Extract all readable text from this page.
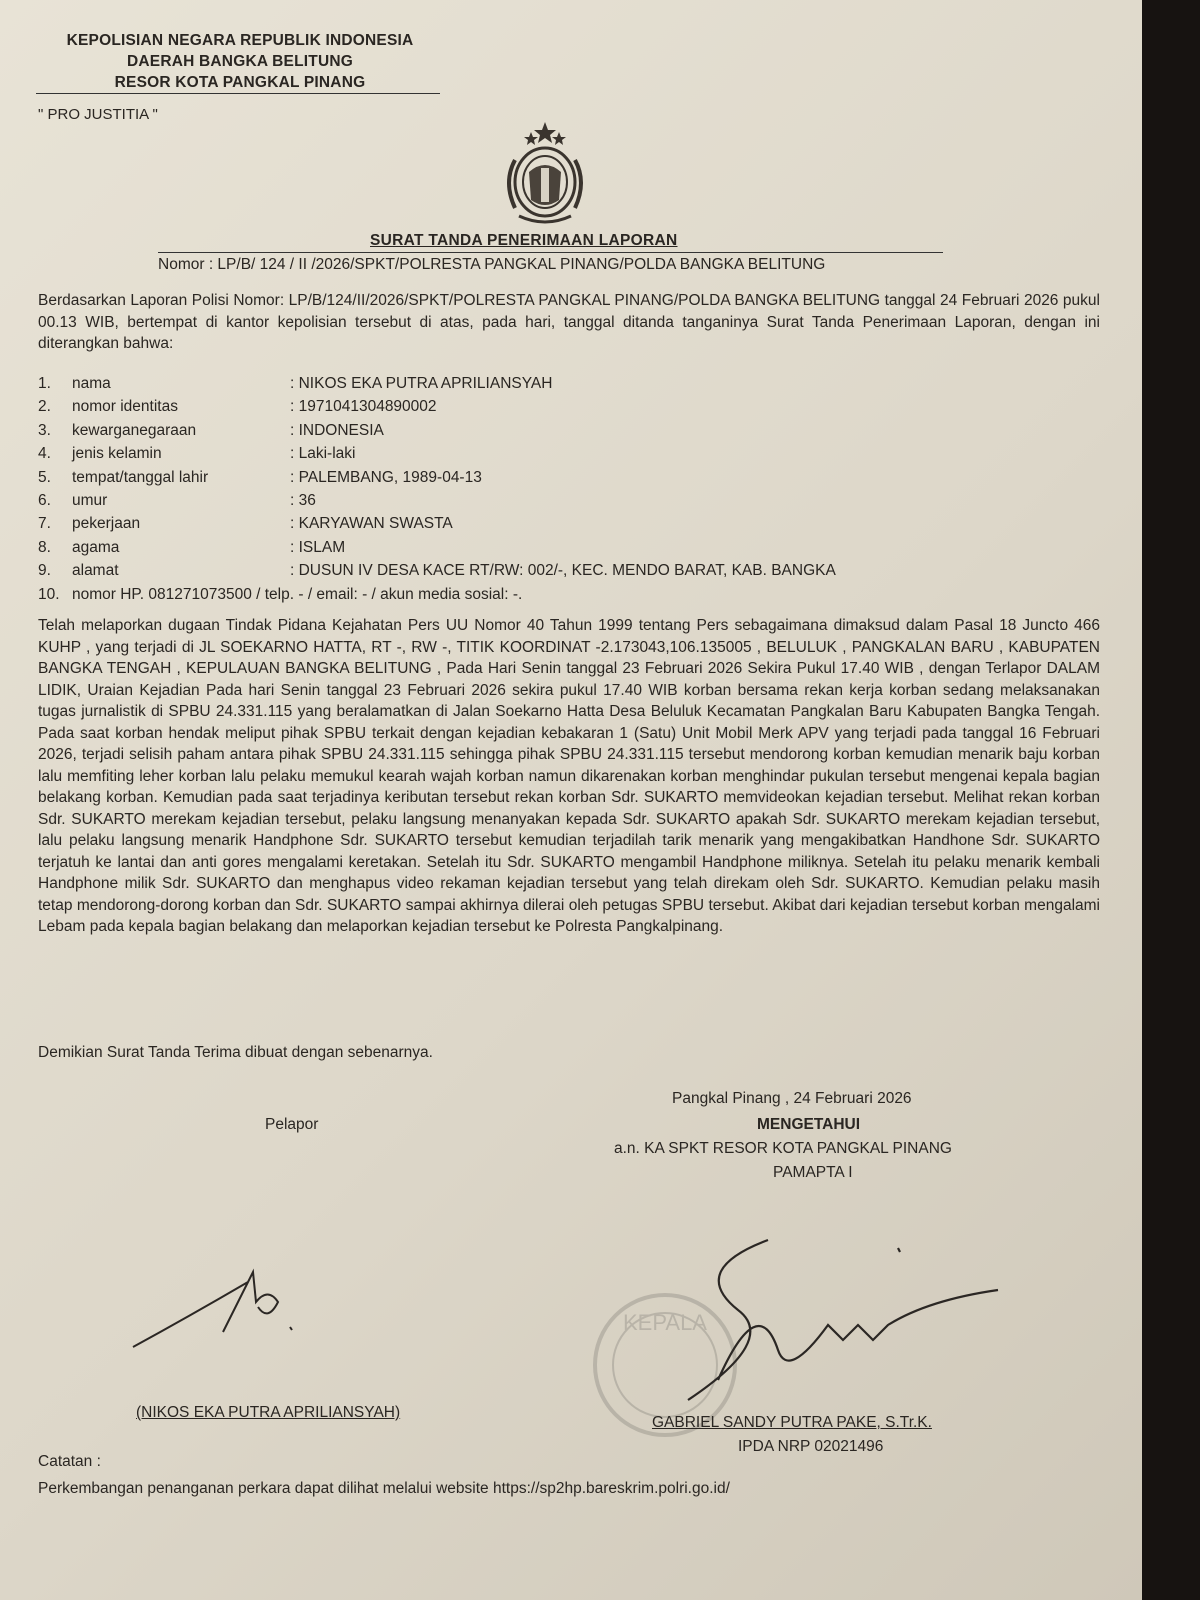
KEPOLISIAN NEGARA REPUBLIK INDONESIA
DAERAH BANGKA BELITUNG
RESOR KOTA PANGKAL PINANG
" PRO JUSTITIA "
SURAT TANDA PENERIMAAN LAPORAN
Nomor : LP/B/ 124 / II /2026/SPKT/POLRESTA PANGKAL PINANG/POLDA BANGKA BELITUNG
Berdasarkan Laporan Polisi Nomor: LP/B/124/II/2026/SPKT/POLRESTA PANGKAL PINANG/POLDA BANGKA BELITUNG tanggal 24 Februari 2026 pukul 00.13 WIB, bertempat di kantor kepolisian tersebut di atas, pada hari, tanggal ditanda tanganinya Surat Tanda Penerimaan Laporan, dengan ini diterangkan bahwa:
1.	nama	: NIKOS EKA PUTRA APRILIANSYAH
2.	nomor identitas	: 1971041304890002
3.	kewarganegaraan	: INDONESIA
4.	jenis kelamin	: Laki-laki
5.	tempat/tanggal lahir	: PALEMBANG, 1989-04-13
6.	umur	: 36
7.	pekerjaan	: KARYAWAN SWASTA
8.	agama	: ISLAM
9.	alamat	: DUSUN IV DESA KACE RT/RW: 002/-, KEC. MENDO BARAT, KAB. BANGKA
10. nomor HP. 081271073500 / telp. - / email: - / akun media sosial: -.
Telah melaporkan dugaan Tindak Pidana Kejahatan Pers UU Nomor 40 Tahun 1999 tentang Pers sebagaimana dimaksud dalam Pasal 18 Juncto 466 KUHP , yang terjadi di JL SOEKARNO HATTA, RT -, RW -, TITIK KOORDINAT -2.173043,106.135005 , BELULUK , PANGKALAN BARU , KABUPATEN BANGKA TENGAH , KEPULAUAN BANGKA BELITUNG , Pada Hari Senin tanggal 23 Februari 2026 Sekira Pukul 17.40 WIB , dengan Terlapor DALAM LIDIK, Uraian Kejadian Pada hari Senin tanggal 23 Februari 2026 sekira pukul 17.40 WIB korban bersama rekan kerja korban sedang melaksanakan tugas jurnalistik di SPBU 24.331.115 yang beralamatkan di Jalan Soekarno Hatta Desa Beluluk Kecamatan Pangkalan Baru Kabupaten Bangka Tengah. Pada saat korban hendak meliput pihak SPBU terkait dengan kejadian kebakaran 1 (Satu) Unit Mobil Merk APV yang terjadi pada tanggal 16 Februari 2026, terjadi selisih paham antara pihak SPBU 24.331.115 sehingga pihak SPBU 24.331.115 tersebut mendorong korban kemudian menarik baju korban lalu memfiting leher korban lalu pelaku memukul kearah wajah korban namun dikarenakan korban menghindar pukulan tersebut mengenai kepala bagian belakang korban. Kemudian pada saat terjadinya keributan tersebut rekan korban Sdr. SUKARTO memvideokan kejadian tersebut. Melihat rekan korban Sdr. SUKARTO merekam kejadian tersebut, pelaku langsung menanyakan kepada Sdr. SUKARTO apakah Sdr. SUKARTO merekam kejadian tersebut, lalu pelaku langsung menarik Handphone Sdr. SUKARTO tersebut kemudian terjadilah tarik menarik yang mengakibatkan Handhone Sdr. SUKARTO terjatuh ke lantai dan anti gores mengalami keretakan. Setelah itu Sdr. SUKARTO mengambil Handphone miliknya. Setelah itu pelaku menarik kembali Handphone milik Sdr. SUKARTO dan menghapus video rekaman kejadian tersebut yang telah direkam oleh Sdr. SUKARTO. Kemudian pelaku masih tetap mendorong-dorong korban dan Sdr. SUKARTO sampai akhirnya dilerai oleh petugas SPBU tersebut. Akibat dari kejadian tersebut korban mengalami Lebam pada kepala bagian belakang dan melaporkan kejadian tersebut ke Polresta Pangkalpinang.
Demikian Surat Tanda Terima dibuat dengan sebenarnya.
Pangkal Pinang , 24 Februari 2026
Pelapor	MENGETAHUI
a.n. KA SPKT RESOR KOTA PANGKAL PINANG
PAMAPTA I
KEPALA
(NIKOS EKA PUTRA APRILIANSYAH)
GABRIEL SANDY PUTRA PAKE, S.Tr.K.
IPDA NRP 02021496
Catatan :
Perkembangan penanganan perkara dapat dilihat melalui website https://sp2hp.bareskrim.polri.go.id/
